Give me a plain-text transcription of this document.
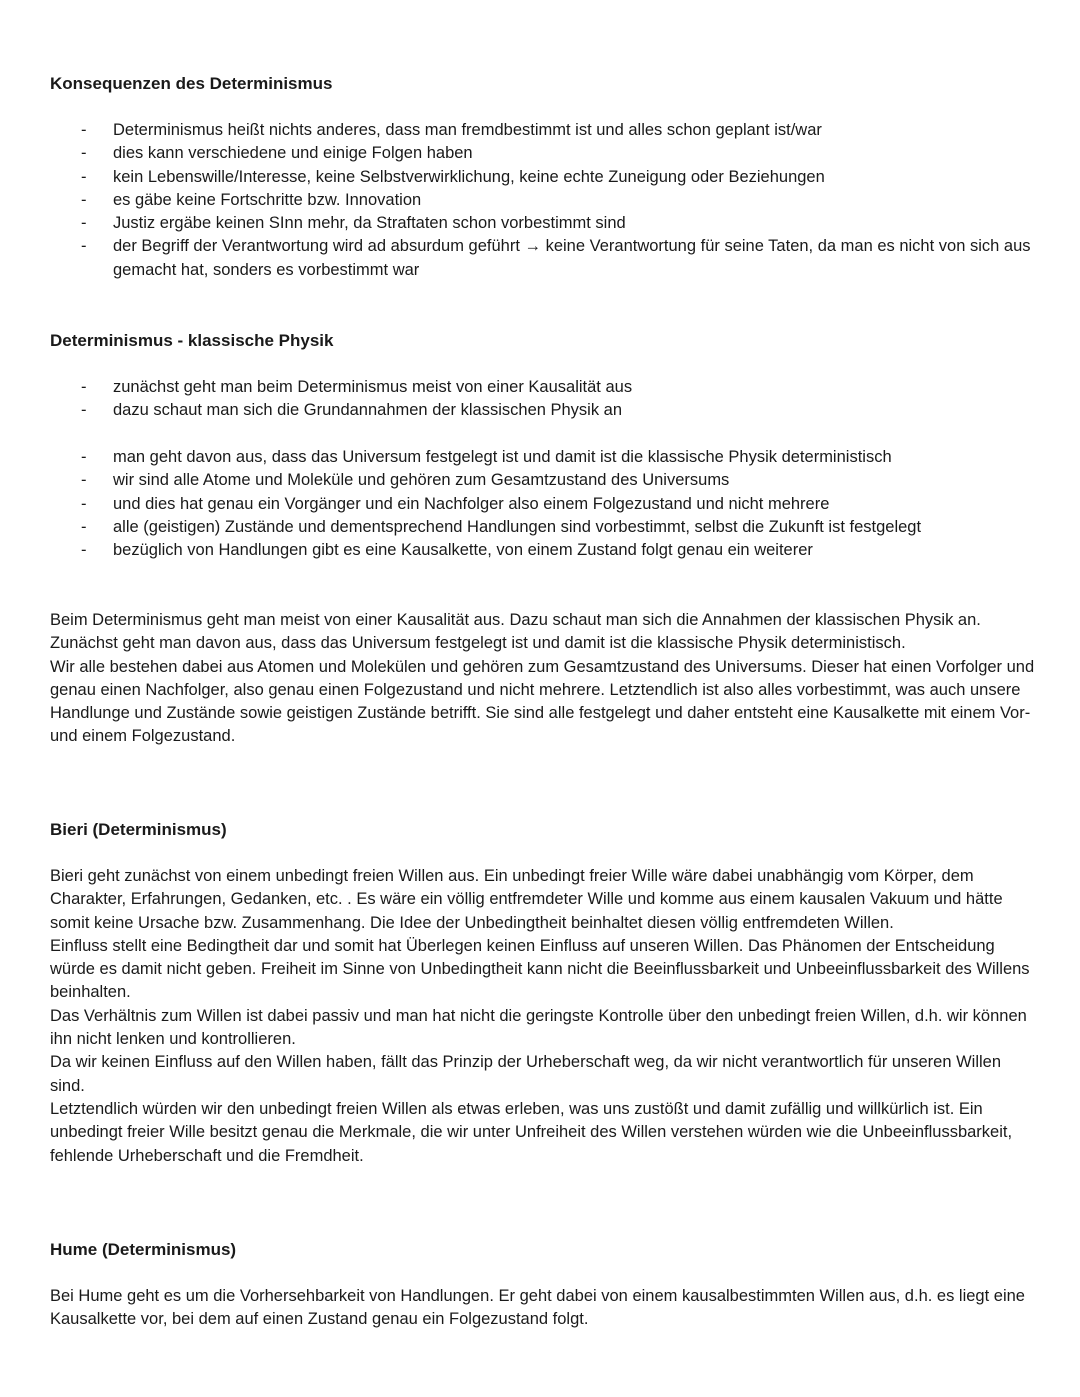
Konsequenzen des Determinismus
- Determinismus heißt nichts anderes, dass man fremdbestimmt ist und alles schon geplant ist/war
- dies kann verschiedene und einige Folgen haben
- kein Lebenswille/Interesse, keine Selbstverwirklichung, keine echte Zuneigung oder Beziehungen
- es gäbe keine Fortschritte bzw. Innovation
- Justiz ergäbe keinen SInn mehr, da Straftaten schon vorbestimmt sind
- der Begriff der Verantwortung wird ad absurdum geführt → keine Verantwortung für seine Taten, da man es nicht von sich aus gemacht hat, sonders es vorbestimmt war
Determinismus - klassische Physik
- zunächst geht man beim Determinismus meist von einer Kausalität aus
- dazu schaut man sich die Grundannahmen der klassischen Physik an
- man geht davon aus, dass das Universum festgelegt ist und damit ist die klassische Physik deterministisch
- wir sind alle Atome und Moleküle und gehören zum Gesamtzustand des Universums
- und dies hat genau ein Vorgänger und ein Nachfolger also einem Folgezustand und nicht mehrere
- alle (geistigen) Zustände und dementsprechend Handlungen sind vorbestimmt, selbst die Zukunft ist festgelegt
- bezüglich von Handlungen gibt es eine Kausalkette, von einem Zustand folgt genau ein weiterer

Beim Determinismus geht man meist von einer Kausalität aus. Dazu schaut man sich die Annahmen der klassischen Physik an.

Zunächst geht man davon aus, dass das Universum festgelegt ist und damit ist die klassische Physik deterministisch.

Wir alle bestehen dabei aus Atomen und Molekülen und gehören zum Gesamtzustand des Universums. Dieser hat einen Vorfolger und genau einen Nachfolger, also genau einen Folgezustand und nicht mehrere. Letztendlich ist also alles vorbestimmt, was auch unsere Handlunge und Zustände sowie geistigen Zustände betrifft. Sie sind alle festgelegt und daher entsteht eine Kausalkette mit einem Vor- und einem Folgezustand.

Bieri (Determinismus)

Bieri geht zunächst von einem unbedingt freien Willen aus. Ein unbedingt freier Wille wäre dabei unabhängig vom Körper, dem Charakter, Erfahrungen, Gedanken, etc. . Es wäre ein völlig entfremdeter Wille und komme aus einem kausalen Vakuum und hätte somit keine Ursache bzw. Zusammenhang. Die Idee der Unbedingtheit beinhaltet diesen völlig entfremdeten Willen.

Einfluss stellt eine Bedingtheit dar und somit hat Überlegen keinen Einfluss auf unseren Willen. Das Phänomen der Entscheidung würde es damit nicht geben. Freiheit im Sinne von Unbedingtheit kann nicht die Beeinflussbarkeit und Unbeeinflussbarkeit des Willens beinhalten.

Das Verhältnis zum Willen ist dabei passiv und man hat nicht die geringste Kontrolle über den unbedingt freien Willen, d.h. wir können ihn nicht lenken und kontrollieren.

Da wir keinen Einfluss auf den Willen haben, fällt das Prinzip der Urheberschaft weg, da wir nicht verantwortlich für unseren Willen sind.

Letztendlich würden wir den unbedingt freien Willen als etwas erleben, was uns zustößt und damit zufällig und willkürlich ist. Ein unbedingt freier Wille besitzt genau die Merkmale, die wir unter Unfreiheit des Willen verstehen würden wie die Unbeeinflussbarkeit, fehlende Urheberschaft und die Fremdheit.

Hume (Determinismus)

Bei Hume geht es um die Vorhersehbarkeit von Handlungen. Er geht dabei von einem kausalbestimmten Willen aus, d.h. es liegt eine Kausalkette vor, bei dem auf einen Zustand genau ein Folgezustand folgt.
